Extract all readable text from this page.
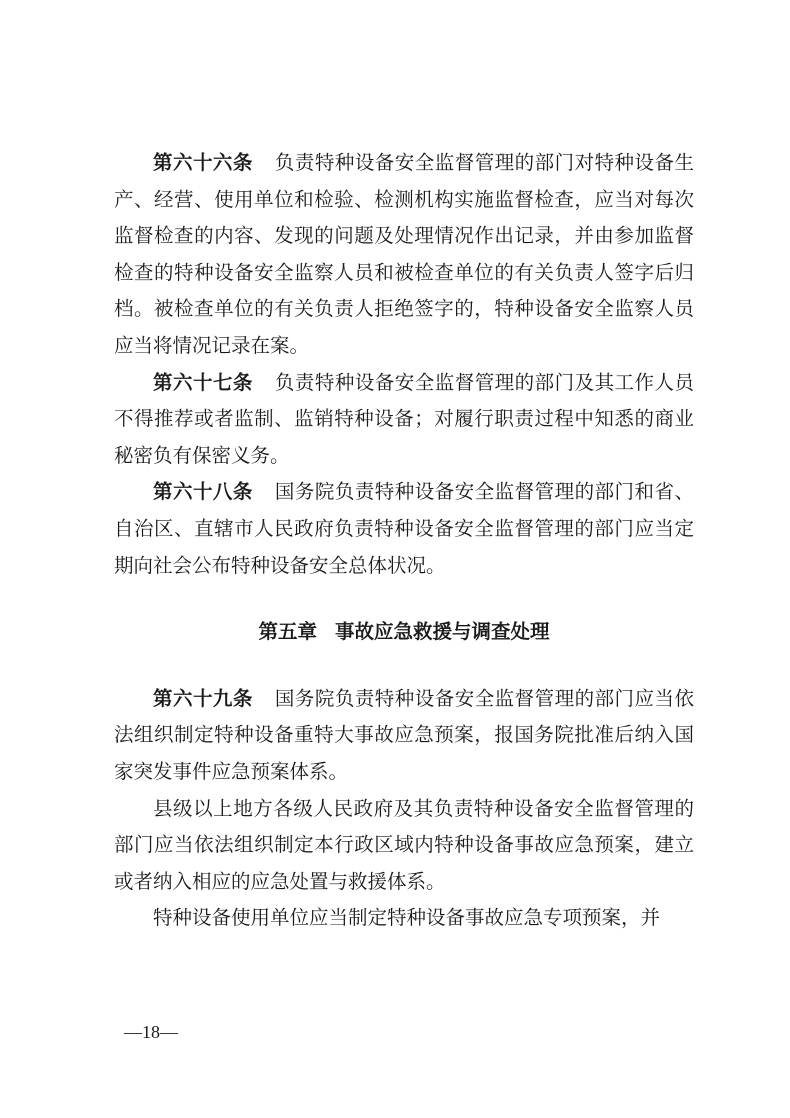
第六十六条 负责特种设备安全监督管理的部门对特种设备生产、经营、使用单位和检验、检测机构实施监督检查，应当对每次监督检查的内容、发现的问题及处理情况作出记录，并由参加监督检查的特种设备安全监察人员和被检查单位的有关负责人签字后归档。被检查单位的有关负责人拒绝签字的，特种设备安全监察人员应当将情况记录在案。

第六十七条 负责特种设备安全监督管理的部门及其工作人员不得推荐或者监制、监销特种设备；对履行职责过程中知悉的商业秘密负有保密义务。

第六十八条 国务院负责特种设备安全监督管理的部门和省、自治区、直辖市人民政府负责特种设备安全监督管理的部门应当定期向社会公布特种设备安全总体状况。

第五章 事故应急救援与调查处理

第六十九条 国务院负责特种设备安全监督管理的部门应当依法组织制定特种设备重特大事故应急预案，报国务院批准后纳入国家突发事件应急预案体系。

县级以上地方各级人民政府及其负责特种设备安全监督管理的部门应当依法组织制定本行政区域内特种设备事故应急预案，建立或者纳入相应的应急处置与救援体系。

特种设备使用单位应当制定特种设备事故应急专项预案，并

—18—
